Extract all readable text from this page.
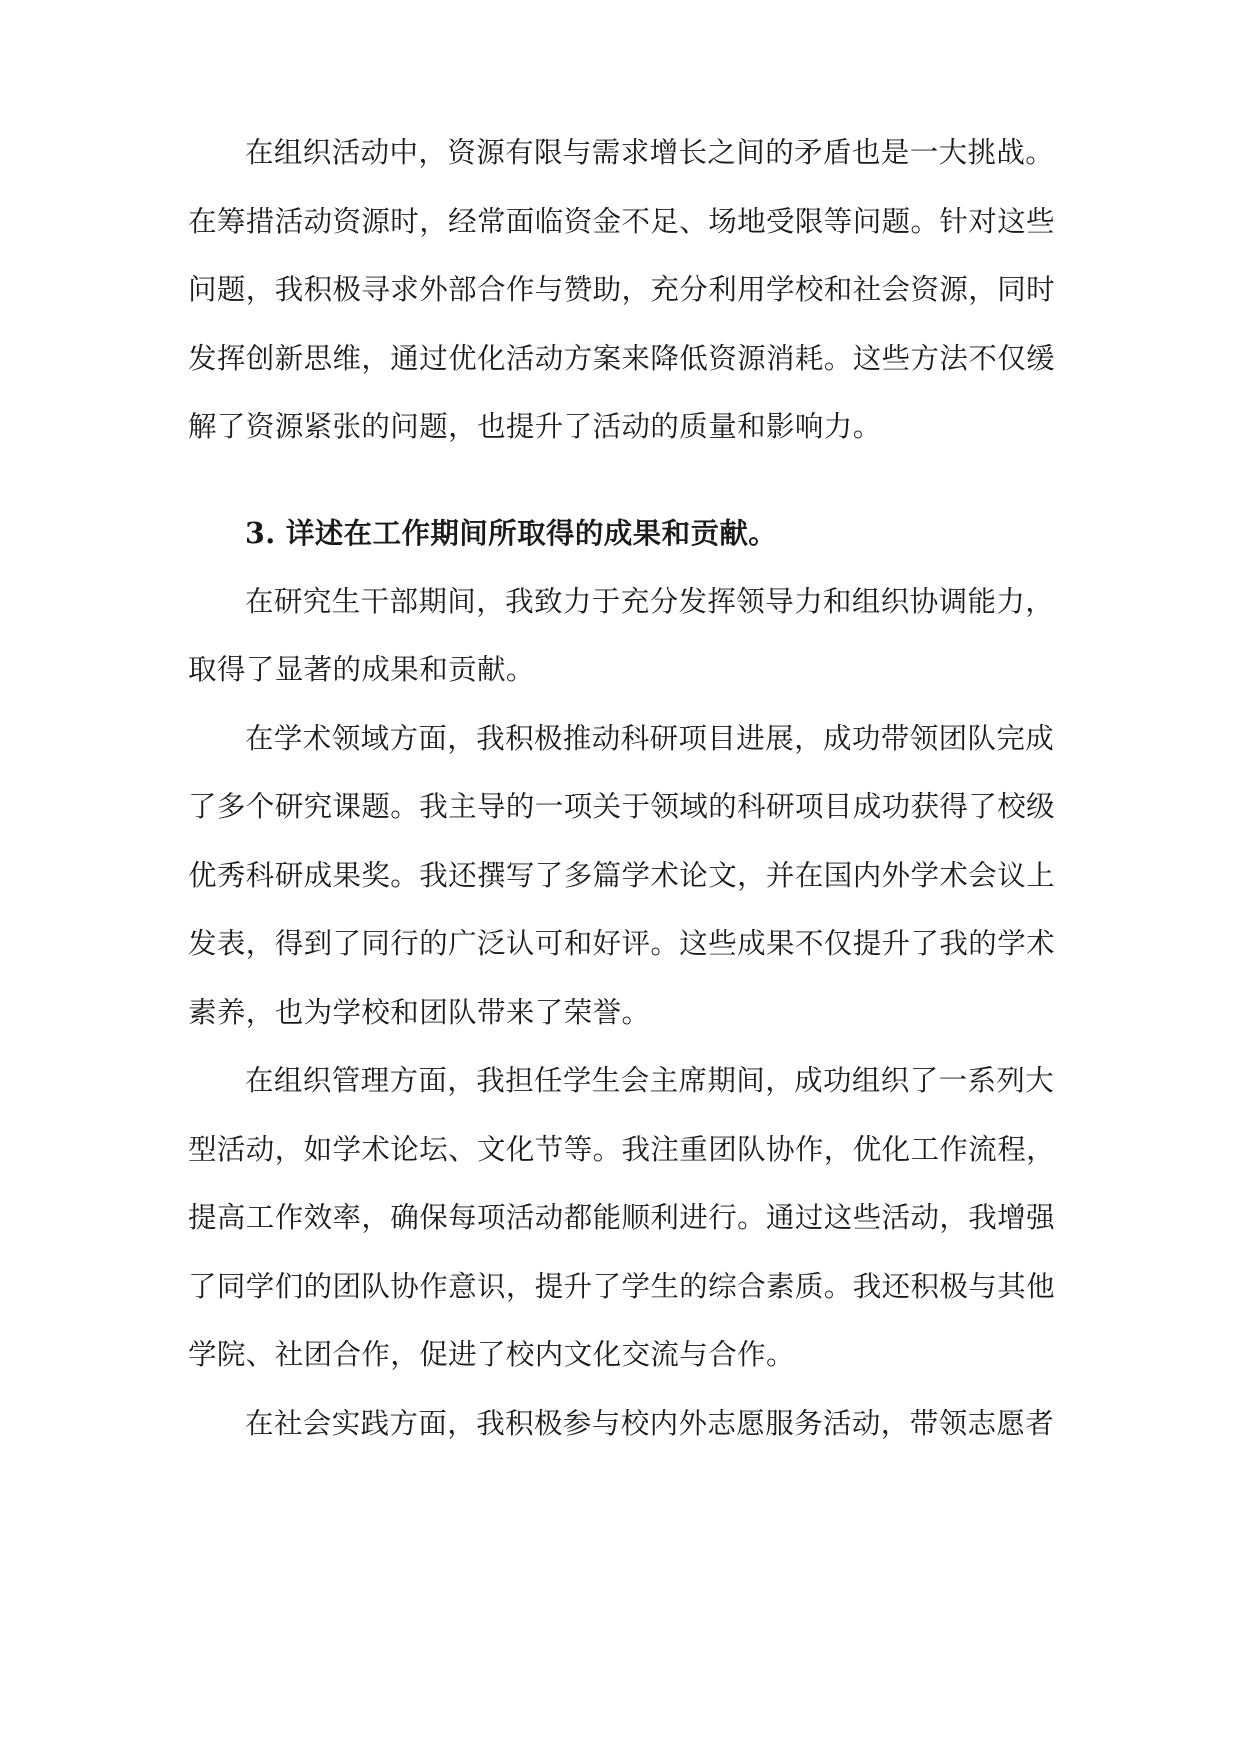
在组织活动中，资源有限与需求增长之间的矛盾也是一大挑战。
在筹措活动资源时，经常面临资金不足、场地受限等问题。针对这些
问题，我积极寻求外部合作与赞助，充分利用学校和社会资源，同时
发挥创新思维，通过优化活动方案来降低资源消耗。这些方法不仅缓
解了资源紧张的问题，也提升了活动的质量和影响力。
3. 详述在工作期间所取得的成果和贡献。
在研究生干部期间，我致力于充分发挥领导力和组织协调能力，
取得了显著的成果和贡献。
在学术领域方面，我积极推动科研项目进展，成功带领团队完成
了多个研究课题。我主导的一项关于领域的科研项目成功获得了校级
优秀科研成果奖。我还撰写了多篇学术论文，并在国内外学术会议上
发表，得到了同行的广泛认可和好评。这些成果不仅提升了我的学术
素养，也为学校和团队带来了荣誉。
在组织管理方面，我担任学生会主席期间，成功组织了一系列大
型活动，如学术论坛、文化节等。我注重团队协作，优化工作流程，
提高工作效率，确保每项活动都能顺利进行。通过这些活动，我增强
了同学们的团队协作意识，提升了学生的综合素质。我还积极与其他
学院、社团合作，促进了校内文化交流与合作。
在社会实践方面，我积极参与校内外志愿服务活动，带领志愿者
